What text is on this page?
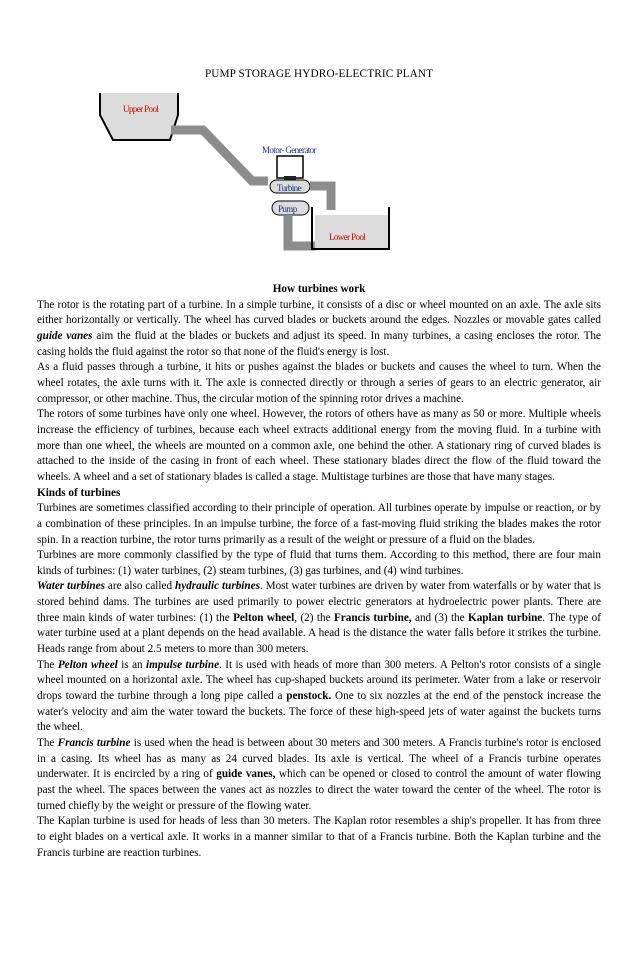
PUMP STORAGE HYDRO-ELECTRIC PLANT
Upper Pool
Motor- Generator
Turbine
Pump
Lower Pool

How turbines work

The rotor is the rotating part of a turbine. In a simple turbine, it consists of a disc or wheel mounted on an axle. The axle sits either horizontally or vertically. The wheel has curved blades or buckets around the edges. Nozzles or movable gates called guide vanes aim the fluid at the blades or buckets and adjust its speed. In many turbines, a casing encloses the rotor. The casing holds the fluid against the rotor so that none of the fluid's energy is lost.

As a fluid passes through a turbine, it hits or pushes against the blades or buckets and causes the wheel to turn. When the wheel rotates, the axle turns with it. The axle is connected directly or through a series of gears to an electric generator, air compressor, or other machine. Thus, the circular motion of the spinning rotor drives a machine.

The rotors of some turbines have only one wheel. However, the rotors of others have as many as 50 or more. Multiple wheels increase the efficiency of turbines, because each wheel extracts additional energy from the moving fluid. In a turbine with more than one wheel, the wheels are mounted on a common axle, one behind the other. A stationary ring of curved blades is attached to the inside of the casing in front of each wheel. These stationary blades direct the flow of the fluid toward the wheels. A wheel and a set of stationary blades is called a stage. Multistage turbines are those that have many stages.

Kinds of turbines

Turbines are sometimes classified according to their principle of operation. All turbines operate by impulse or reaction, or by a combination of these principles. In an impulse turbine, the force of a fast-moving fluid striking the blades makes the rotor spin. In a reaction turbine, the rotor turns primarily as a result of the weight or pressure of a fluid on the blades.

Turbines are more commonly classified by the type of fluid that turns them. According to this method, there are four main kinds of turbines: (1) water turbines, (2) steam turbines, (3) gas turbines, and (4) wind turbines.

Water turbines are also called hydraulic turbines. Most water turbines are driven by water from waterfalls or by water that is stored behind dams. The turbines are used primarily to power electric generators at hydroelectric power plants. There are three main kinds of water turbines: (1) the Pelton wheel, (2) the Francis turbine, and (3) the Kaplan turbine. The type of water turbine used at a plant depends on the head available. A head is the distance the water falls before it strikes the turbine. Heads range from about 2.5 meters to more than 300 meters.

The Pelton wheel is an impulse turbine. It is used with heads of more than 300 meters. A Pelton's rotor consists of a single wheel mounted on a horizontal axle. The wheel has cup-shaped buckets around its perimeter. Water from a lake or reservoir drops toward the turbine through a long pipe called a penstock. One to six nozzles at the end of the penstock increase the water's velocity and aim the water toward the buckets. The force of these high-speed jets of water against the buckets turns the wheel.

The Francis turbine is used when the head is between about 30 meters and 300 meters. A Francis turbine's rotor is enclosed in a casing. Its wheel has as many as 24 curved blades. Its axle is vertical. The wheel of a Francis turbine operates underwater. It is encircled by a ring of guide vanes, which can be opened or closed to control the amount of water flowing past the wheel. The spaces between the vanes act as nozzles to direct the water toward the center of the wheel. The rotor is turned chiefly by the weight or pressure of the flowing water.

The Kaplan turbine is used for heads of less than 30 meters. The Kaplan rotor resembles a ship's propeller. It has from three to eight blades on a vertical axle. It works in a manner similar to that of a Francis turbine. Both the Kaplan turbine and the Francis turbine are reaction turbines.
